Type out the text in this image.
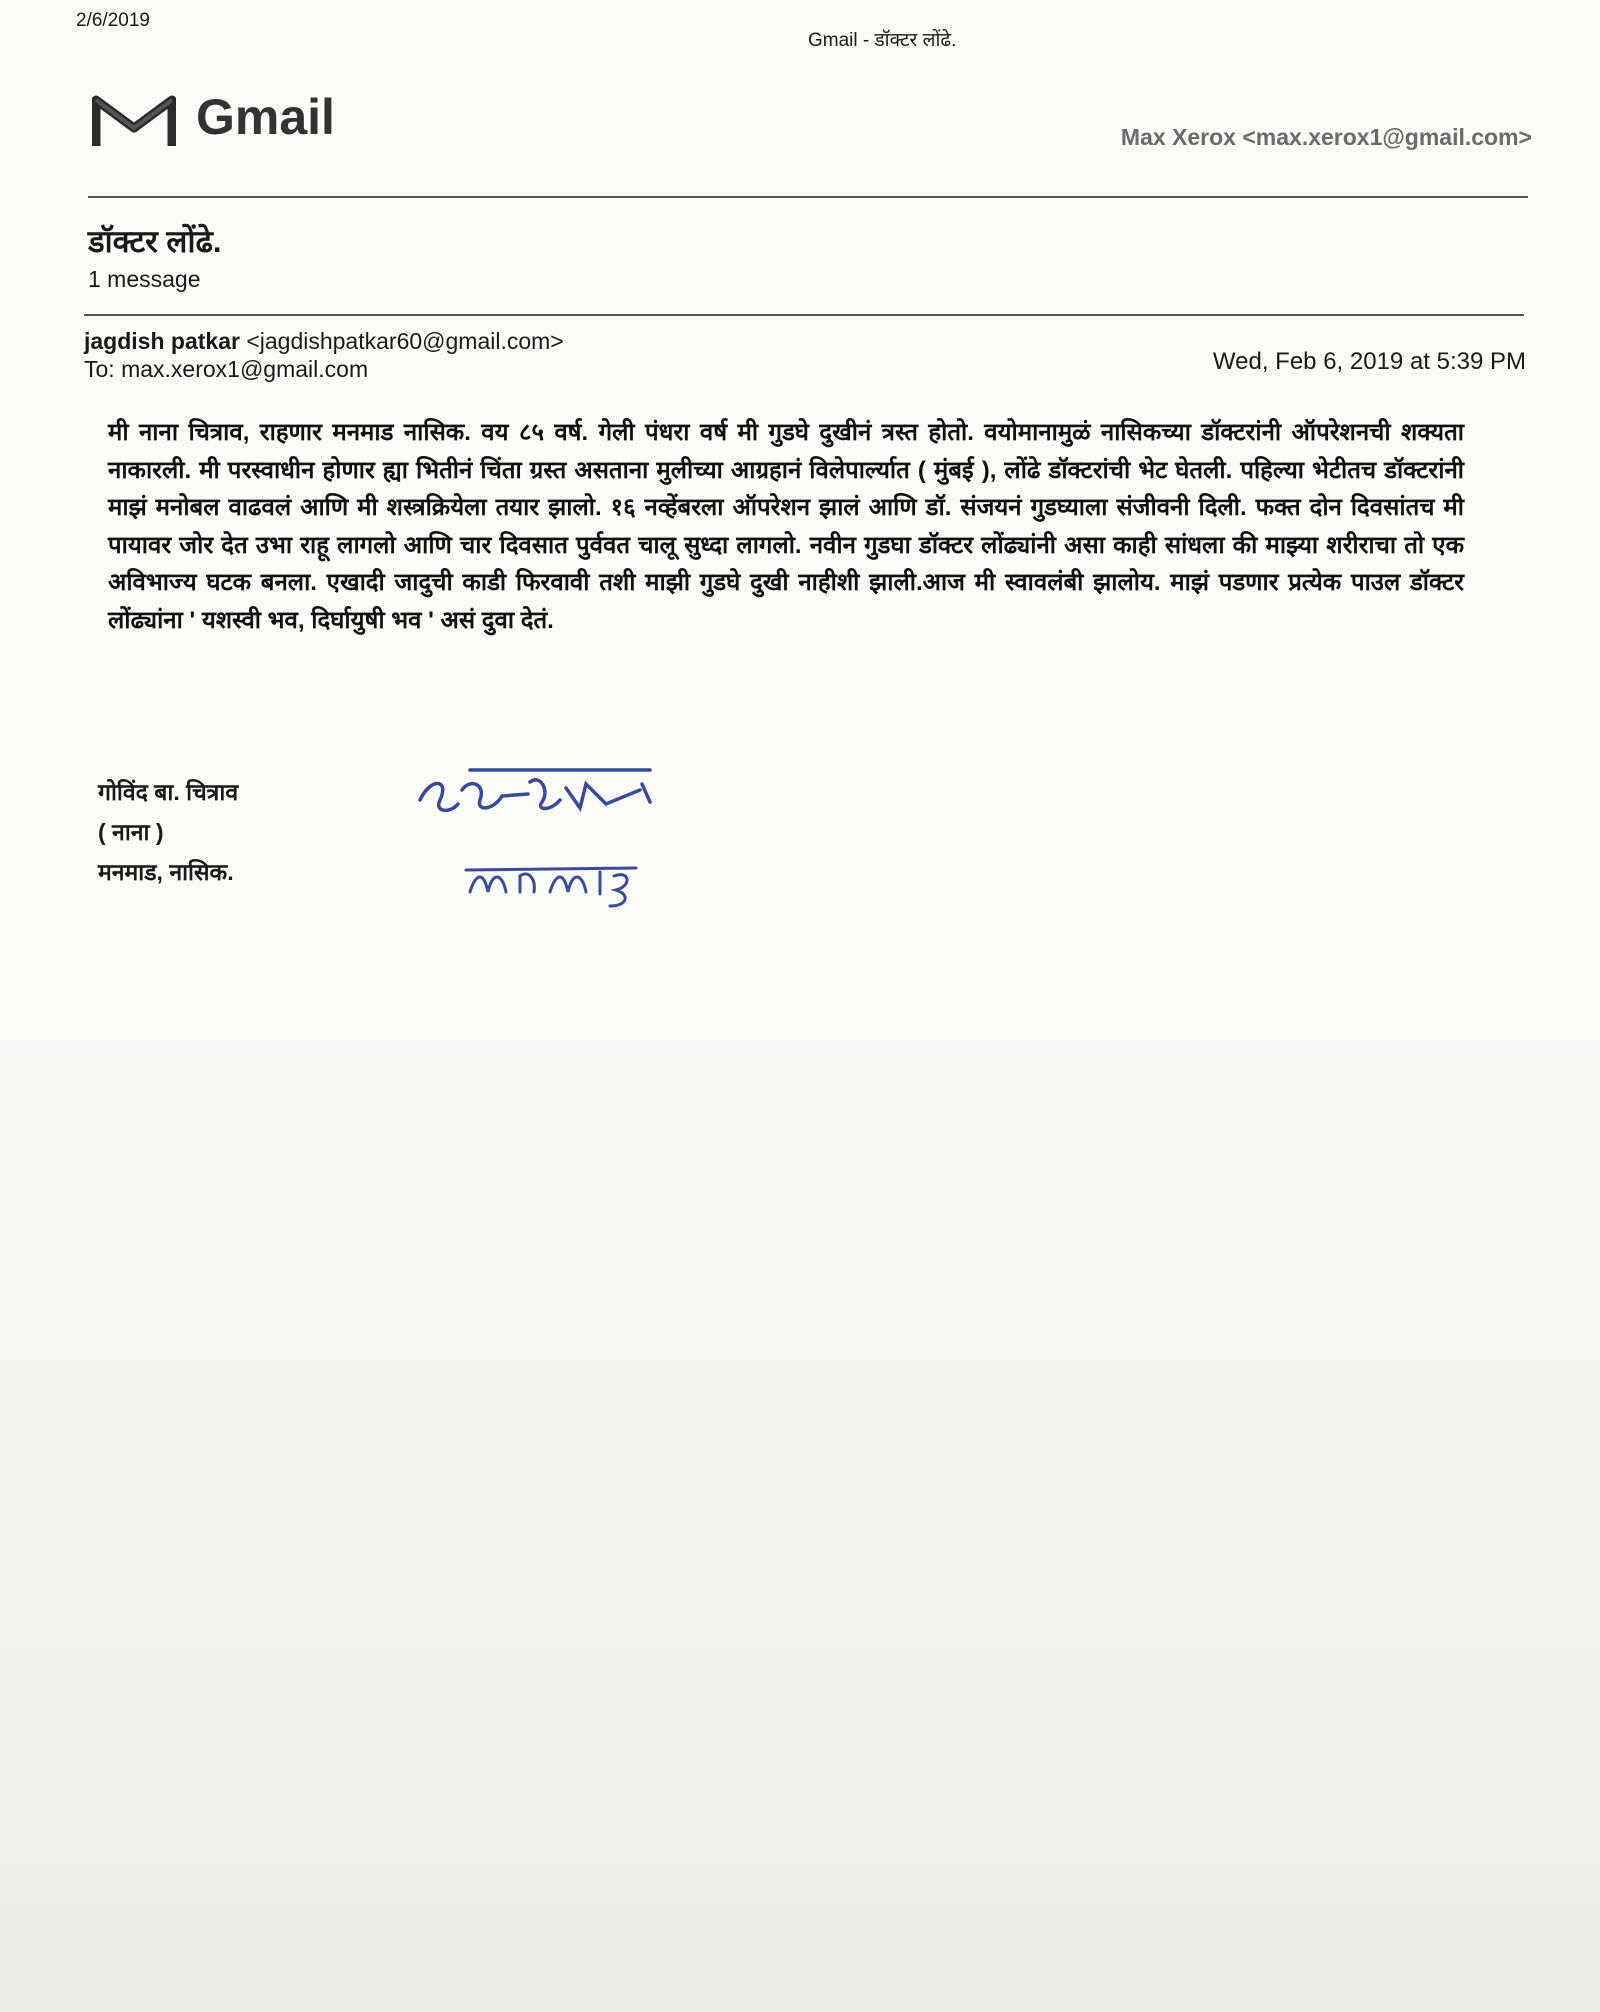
2/6/2019
Gmail - डॉक्टर लोंढे.
Gmail	Max Xerox <max.xerox1@gmail.com>
डॉक्टर लोंढे.
1 message
jagdish patkar <jagdishpatkar60@gmail.com>
To: max.xerox1@gmail.com	Wed, Feb 6, 2019 at 5:39 PM
मी नाना चित्राव, राहणार मनमाड नासिक. वय ८५ वर्ष. गेली पंधरा वर्ष मी गुडघे दुखीनं त्रस्त होतो. वयोमानामुळं नासिकच्या डॉक्टरांनी ऑपरेशनची शक्यता नाकारली. मी परस्वाधीन होणार ह्या भितीनं चिंता ग्रस्त असताना मुलीच्या आग्रहानं विलेपार्ल्यात ( मुंबई ), लोंढे डॉक्टरांची भेट घेतली. पहिल्या भेटीतच डॉक्टरांनी माझं मनोबल वाढवलं आणि मी शस्त्रक्रियेला तयार झालो. १६ नव्हेंबरला ऑपरेशन झालं आणि डॉ. संजयनं गुडघ्याला संजीवनी दिली. फक्त दोन दिवसांतच मी पायावर जोर देत उभा राहू लागलो आणि चार दिवसात पुर्ववत चालू सुध्दा लागलो. नवीन गुडघा डॉक्टर लोंढ्यांनी असा काही सांधला की माझ्या शरीराचा तो एक अविभाज्य घटक बनला. एखादी जादुची काडी फिरवावी तशी माझी गुडघे दुखी नाहीशी झाली.आज मी स्वावलंबी झालोय. माझं पडणार प्रत्येक पाउल डॉक्टर लोंढ्यांना ' यशस्वी भव, दिर्घायुषी भव ' असं दुवा देतं.
गोविंद बा. चित्राव
( नाना )
मनमाड, नासिक.
